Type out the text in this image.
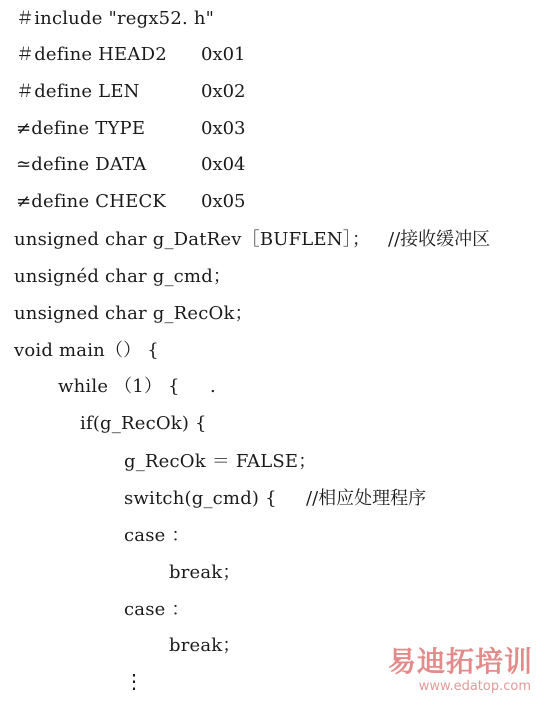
＃include "regx52. h"
＃define HEAD2 0x01
＃define LEN	0x02
≠define TYPE	0x03
≃define DATA	0x04
≠define CHECK 0x05
unsigned char g_DatRev［BUFLEN］； //接收缓冲区
unsignéd char g_cmd；
unsigned char g_RecOk；
void main（） {
while （1） { .
if(g_RecOk) {
g_RecOk ＝ FALSE；
switch(g_cmd) { //相应处理程序
case ：
break；
case ：
break；
⋮
易迪拓培训
www.edatop.com
